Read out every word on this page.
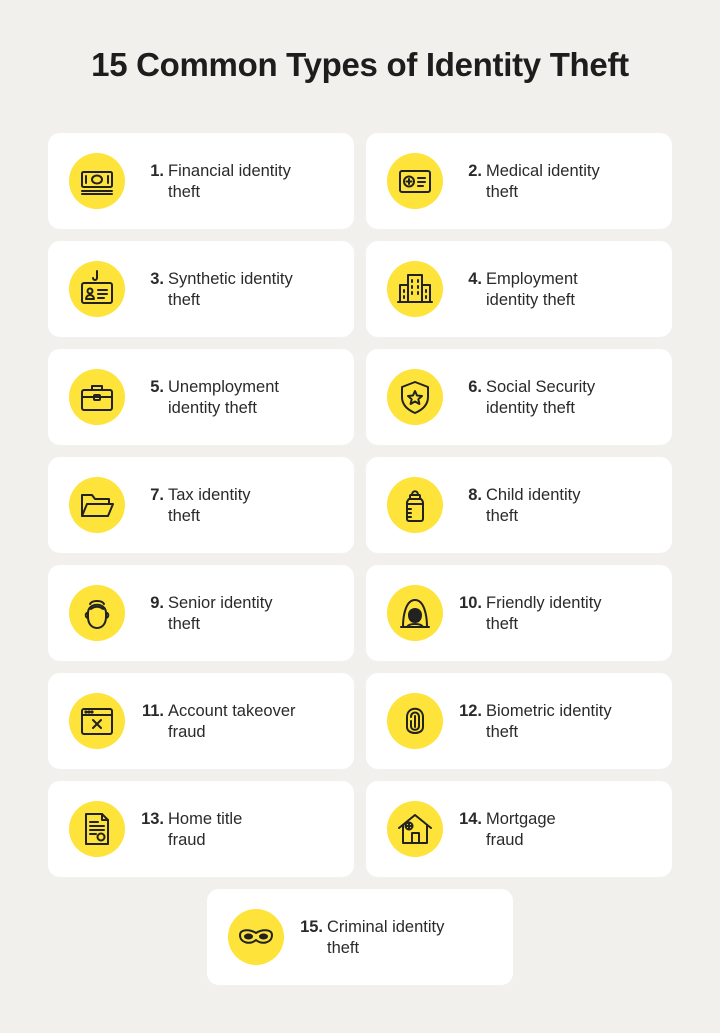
15 Common Types of Identity Theft
1. Financial identity
theft
2. Medical identity
theft
3. Synthetic identity
theft
4. Employment
identity theft
5. Unemployment
identity theft
6. Social Security
identity theft
7. Tax identity
theft
8. Child identity
theft
9. Senior identity
theft
10. Friendly identity
theft
11. Account takeover
fraud
12. Biometric identity
theft
13. Home title
fraud
14. Mortgage
fraud
15. Criminal identity
theft
